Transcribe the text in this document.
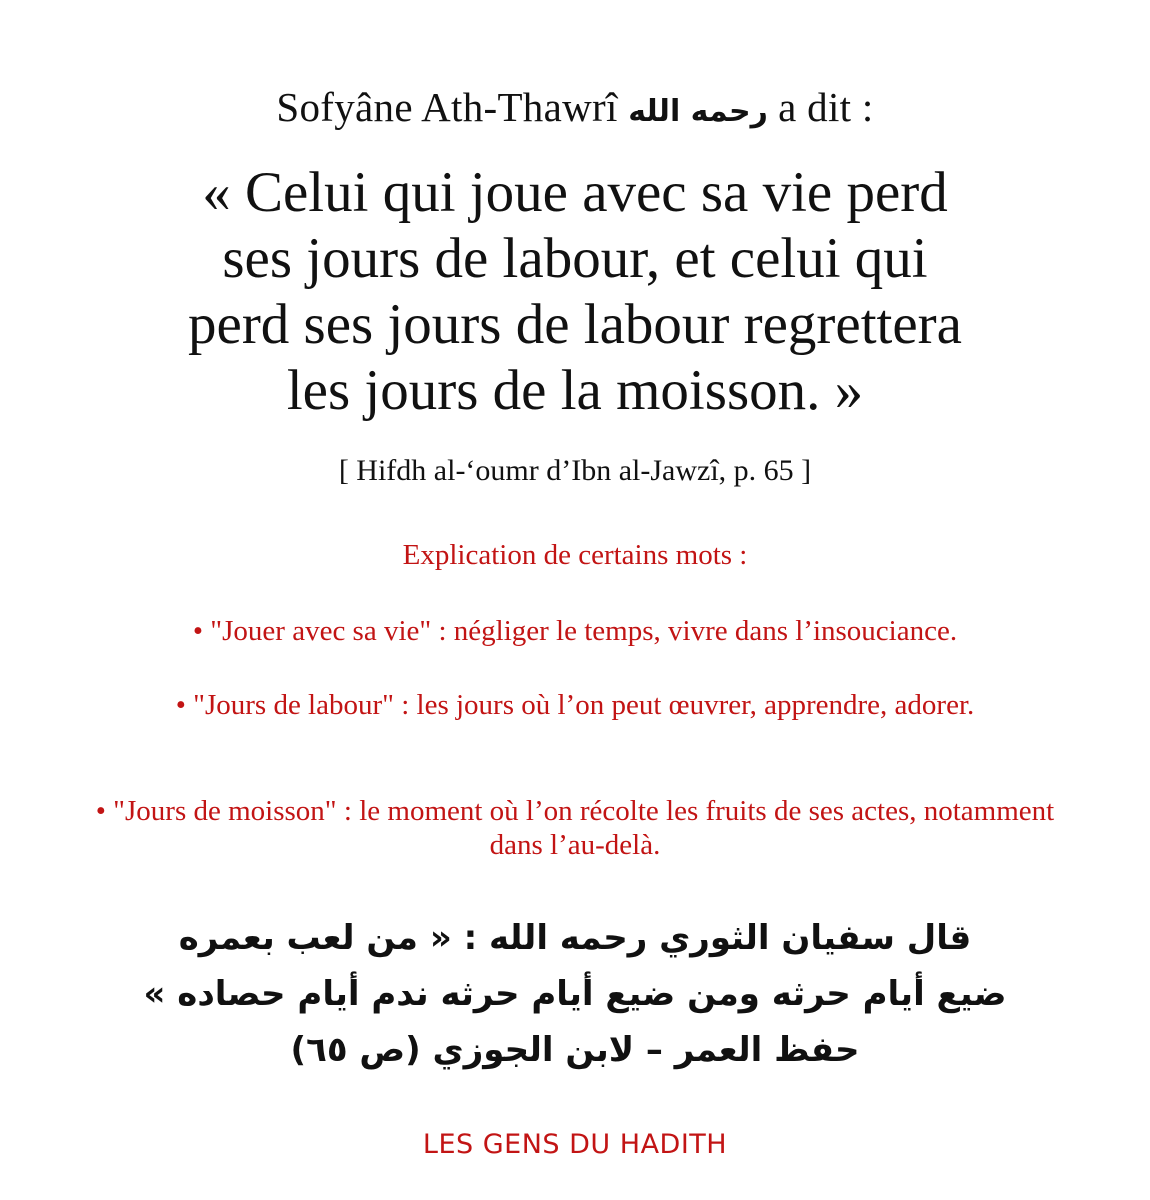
Sofyâne Ath-Thawrî رحمه الله a dit :
« Celui qui joue avec sa vie perd
ses jours de labour, et celui qui
perd ses jours de labour regrettera
les jours de la moisson. »
[ Hifdh al-‘oumr d’Ibn al-Jawzî, p. 65 ]
Explication de certains mots :
• "Jouer avec sa vie" : négliger le temps, vivre dans l’insouciance.
• "Jours de labour" : les jours où l’on peut œuvrer, apprendre, adorer.
• "Jours de moisson" : le moment où l’on récolte les fruits de ses actes, notamment dans l’au-delà.
قال سفيان الثوري رحمه الله : « من لعب بعمره
ضيع أيام حرثه ومن ضيع أيام حرثه ندم أيام حصاده »
حفظ العمر – لابن الجوزي (ص ٦٥)
LES GENS DU HADITH
